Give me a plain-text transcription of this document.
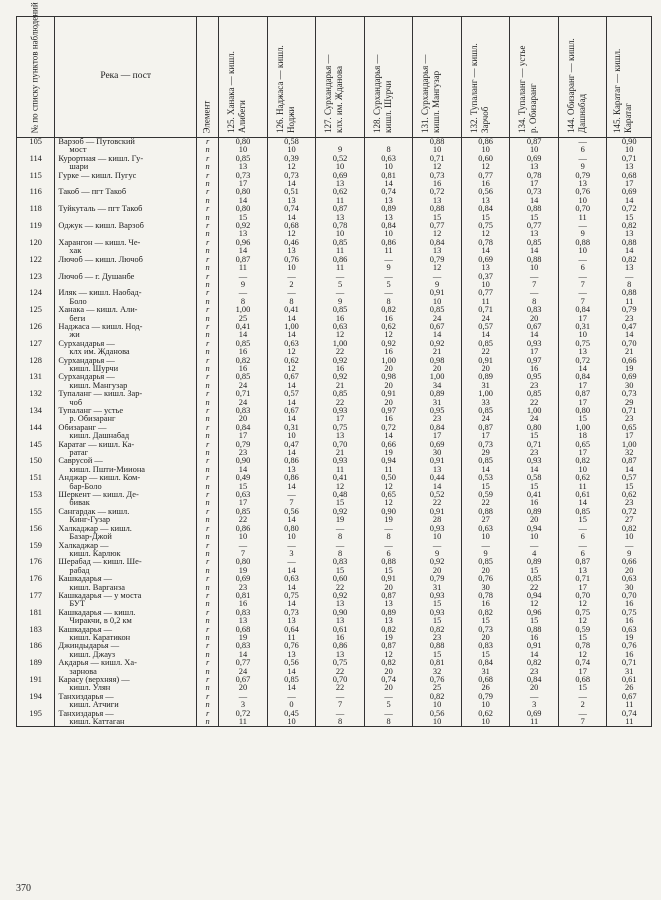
№ по списку пунктов наблюдений	Река — пост	Элемент	125. Ханака — кишл.
Алибеги	126. Наджаса — кишл.
Ноджи	127. Сурхандарья —
клх. им. Жданова	128. Сурхандарья —
кишл. Шурчи	131. Сурхандарья —
кишл. Мангузар	132. Тупаланг — кишл.
Зарчоб	134. Тупаланг — устье
р. Обизаранг	144. Обизаранг — кишл.
Дашнабад	145. Каратаг — кишл.
Каратаг

105	Варзоб — Путовский	r	0,80	0,58			0,88	0,86	0,87	—	0,90
	мост	n	10	10	9	8	10	10	10	6	10
114	Курортная — кишл. Гу-	r	0,85	0,39	0,52	0,63	0,71	0,60	0,69	—	0,71
	шари	n	13	12	10	10	12	12	13	9	13
115	Гурке — кишл. Пугус	r	0,73	0,73	0,69	0,81	0,73	0,77	0,78	0,79	0,68
		n	17	14	13	14	16	16	17	13	17
116	Такоб — пгт Такоб	r	0,80	0,51	0,62	0,74	0,72	0,56	0,73	0,76	0,69
		n	14	13	11	13	13	13	14	10	14
118	Туйкуталь — пгт Такоб	r	0,80	0,74	0,87	0,89	0,88	0,84	0,88	0,70	0,72
		n	15	14	13	13	15	15	15	11	15
119	Оджук — кишл. Варзоб	r	0,92	0,68	0,78	0,84	0,77	0,75	0,77	—	0,82
		n	13	12	10	10	12	12	13	9	13
120	Харангон — кишл. Че-	r	0,96	0,46	0,85	0,86	0,84	0,78	0,85	0,88	0,88
	хак	n	14	13	11	11	13	14	14	10	14
122	Лючоб — кишл. Лючоб	r	0,87	0,76	0,86	—	0,79	0,69	0,88	—	0,82
		n	11	10	11	9	12	13	10	6	13
123	Лючоб — г. Душанбе	r	—	—	—	—	—	0,37	—	—	—
		n	9	2	5	5	9	10	7	7	8
124	Иляк — кишл. Наобад-	r	—	—	—	—	0,91	0,77	—	—	0,88
	Боло	n	8	8	9	8	10	11	8	7	11
125	Ханака — кишл. Али-	r	1,00	0,41	0,85	0,82	0,85	0,71	0,83	0,84	0,79
	беги	n	25	14	16	16	24	24	20	17	23
126	Наджаса — кишл. Нод-	r	0,41	1,00	0,63	0,62	0,67	0,57	0,67	0,31	0,47
	жи	n	14	14	12	12	14	14	14	10	14
127	Сурхандарья —	r	0,85	0,63	1,00	0,92	0,92	0,85	0,93	0,75	0,70
	клх им. Жданова	n	16	12	22	16	21	22	17	13	21
128	Сурхандарья —	r	0,82	0,62	0,92	1,00	0,98	0,91	0,97	0,72	0,66
	кишл. Шурчи	n	16	12	16	20	20	20	16	14	19
131	Сурхандарья —	r	0,85	0,67	0,92	0,98	1,00	0,89	0,95	0,84	0,69
	кишл. Мангузар	n	24	14	21	20	34	31	23	17	30
132	Тупаланг — кишл. Зар-	r	0,71	0,57	0,85	0,91	0,89	1,00	0,85	0,87	0,73
	чоб	n	24	14	22	20	31	33	22	17	29
134	Тупаланг — устье	r	0,83	0,67	0,93	0,97	0,95	0,85	1,00	0,80	0,71
	р. Обизаранг	n	20	14	17	16	23	24	24	15	23
144	Обизаранг —	r	0,84	0,31	0,75	0,72	0,84	0,87	0,80	1,00	0,65
	кишл. Дашнабад	n	17	10	13	14	17	17	15	18	17
145	Каратаг — кишл. Ка-	r	0,79	0,47	0,70	0,66	0,69	0,73	0,71	0,65	1,00
	ратаг	n	23	14	21	19	30	29	23	17	32
150	Саврусой —	r	0,90	0,86	0,93	0,94	0,91	0,85	0,93	0,82	0,87
	кишл. Пшти-Мииона	n	14	13	11	11	13	14	14	10	14
151	Анджар — кишл. Ком-	r	0,49	0,86	0,41	0,50	0,44	0,53	0,58	0,62	0,57
	бар-Боло	n	15	14	12	12	14	15	15	11	15
153	Шеркент — кишл. Де-	r	0,63	—	0,48	0,65	0,52	0,59	0,41	0,61	0,62
	бивак	n	17	7	15	12	22	22	16	14	23
155	Сангардак — кишл.	r	0,85	0,56	0,92	0,90	0,91	0,88	0,89	0,85	0,72
	Кинг-Гузар	n	22	14	19	19	28	27	20	15	27
156	Халкаджар — кишл.	r	0,86	0,80	—	—	0,93	0,63	0,94	—	0,82
	Базар-Джой	n	10	10	8	8	10	10	10	6	10
159	Халкаджар —	r	—	—	—	—	—	—	—	—	—
	кишл. Карлюк	n	7	3	8	6	9	9	4	6	9
176	Шерабад — кишл. Ше-	r	0,80	—	0,83	0,88	0,92	0,85	0,89	0,87	0,66
	рабад	n	19	14	15	15	20	20	15	13	20
176	Кашкадарья —	r	0,69	0,63	0,60	0,91	0,79	0,76	0,85	0,71	0,63
	кишл. Варганза	n	23	14	22	20	31	30	22	17	30
177	Кашкадарья — у моста	r	0,81	0,75	0,92	0,87	0,93	0,78	0,94	0,70	0,70
	БУТ	n	16	14	13	13	15	16	12	12	16
181	Кашкадарья — кишл.	r	0,83	0,73	0,90	0,89	0,93	0,82	0,96	0,75	0,75
	Чиракчи, в 0,2 км	n	13	13	13	13	15	15	15	12	16
183	Кашкадарья —	r	0,68	0,64	0,61	0,82	0,82	0,73	0,88	0,59	0,63
	кишл. Каратикон	n	19	11	16	19	23	20	16	15	19
186	Джиндыдарья —	r	0,83	0,76	0,86	0,87	0,88	0,83	0,91	0,78	0,76
	кишл. Джауз	n	14	13	13	12	15	15	14	12	16
189	Акдарья — кишл. Ха-	r	0,77	0,56	0,75	0,82	0,81	0,84	0,82	0,74	0,71
	зарнова	n	24	14	22	20	32	31	23	17	31
191	Карасу (верхняя) —	r	0,67	0,85	0,70	0,74	0,76	0,68	0,84	0,68	0,61
	кишл. Улян	n	20	14	22	20	25	26	20	15	26
194	Танхиздарья —	r	—	—	—	—	0,82	0,79	—	—	0,67
	кишл. Атчиги	n	3	0	7	5	10	10	3	2	11
195	Танхиздарья —	r	0,72	0,45	—	—	0,56	0,62	0,69	—	0,74
	кишл. Каттаган	n	11	10	8	8	10	10	11	7	11
370
